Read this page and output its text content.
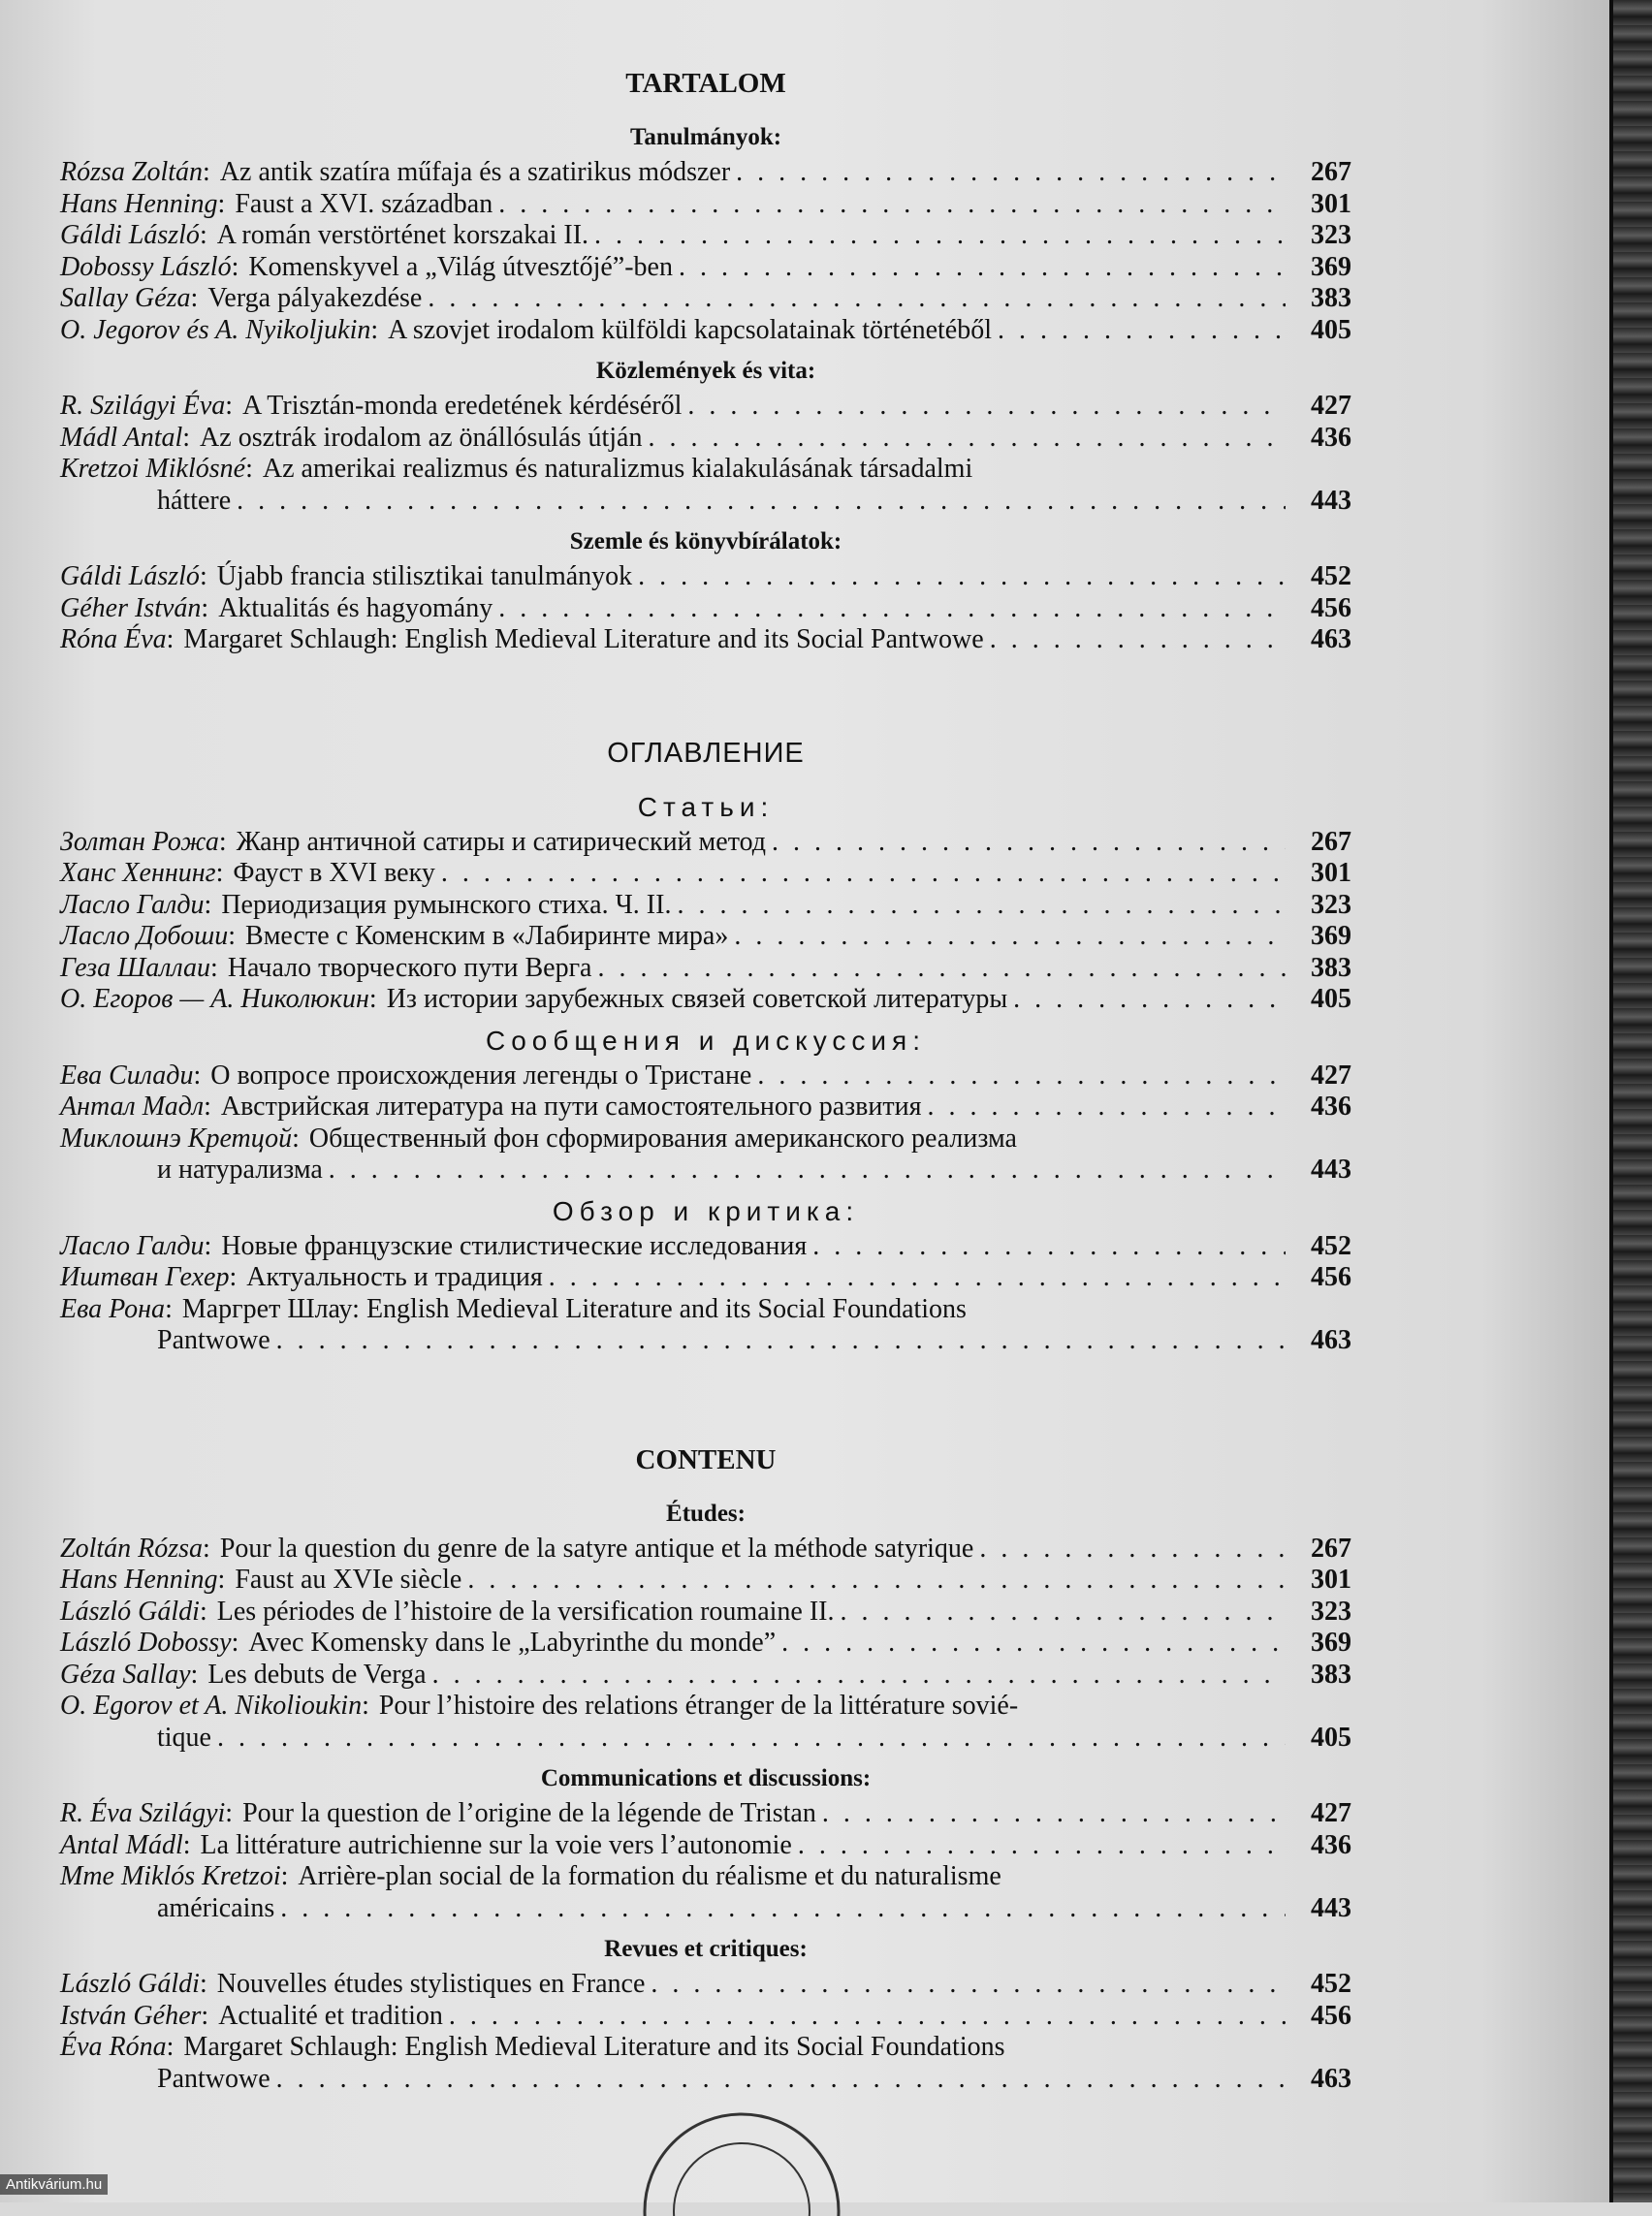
TARTALOM
Tanulmányok:
Rózsa Zoltán : Az antik szatíra műfaja és a szatirikus módszer . . .	267
Hans Henning : Faust a XVI. században . . .	301
Gáldi László : A román verstörténet korszakai II. . . .	323
Dobossy László : Komenskyvel a „Világ útvesztőjé”-ben . . .	369
Sallay Géza : Verga pályakezdése . . .	383
O. Jegorov és A. Nyikoljukin : A szovjet irodalom külföldi kapcsolatainak történetéből . . .	405
Közlemények és vita:
R. Szilágyi Éva : A Trisztán-monda eredetének kérdéséről . . .	427
Mádl Antal : Az osztrák irodalom az önállósulás útján . . .	436
Kretzoi Miklósné : Az amerikai realizmus és naturalizmus kialakulásának társadalmi
háttere . . .	443
Szemle és könyvbírálatok:
Gáldi László : Újabb francia stilisztikai tanulmányok . . .	452
Géher István : Aktualitás és hagyomány . . .	456
Róna Éva : Margaret Schlaugh: English Medieval Literature and its Social Pantwowe . . .	463
ОГЛАВЛЕНИЕ
Статьи:
Золтан Рожа : Жанр античной сатиры и сатирический метод . . .	267
Ханс Хеннинг : Фауст в XVI веку . . .	301
Ласло Галди : Периодизация румынского стиха. Ч. II. . . .	323
Ласло Добоши : Вместе с Коменским в «Лабиринте мира» . . .	369
Геза Шаллаи : Начало творческого пути Верга . . .	383
О. Егоров — А. Николюкин : Из истории зарубежных связей советской литературы . . .	405
Сообщения и дискуссия:
Ева Силади : О вопросе происхождения легенды о Тристане . . .	427
Антал Мадл : Австрийская литература на пути самостоятельного развития . . .	436
Миклошнэ Кретцой : Общественный фон сформирования американского реализма
и натурализма . . .	443
Обзор и критика:
Ласло Галди : Новые французские стилистические исследования . . .	452
Иштван Гехер : Актуальность и традиция . . .	456
Ева Рона : Маргрет Шлау: English Medieval Literature and its Social Foundations
Pantwowe . . .	463
CONTENU
Études:
Zoltán Rózsa : Pour la question du genre de la satyre antique et la méthode satyrique . . .	267
Hans Henning : Faust au XVIe siècle . . .	301
László Gáldi : Les périodes de l’histoire de la versification roumaine II. . . .	323
László Dobossy : Avec Komensky dans le „Labyrinthe du monde” . . .	369
Géza Sallay : Les debuts de Verga . . .	383
O. Egorov et A. Nikolioukin : Pour l’histoire des relations étranger de la littérature sovié-
tique . . .	405
Communications et discussions:
R. Éva Szilágyi : Pour la question de l’origine de la légende de Tristan . . .	427
Antal Mádl : La littérature autrichienne sur la voie vers l’autonomie . . .	436
Mme Miklós Kretzoi : Arrière-plan social de la formation du réalisme et du naturalisme
américains . . .	443
Revues et critiques:
László Gáldi : Nouvelles études stylistiques en France . . .	452
István Géher : Actualité et tradition . . .	456
Éva Róna : Margaret Schlaugh: English Medieval Literature and its Social Foundations
Pantwowe . . .	463
Antikvárium.hu
